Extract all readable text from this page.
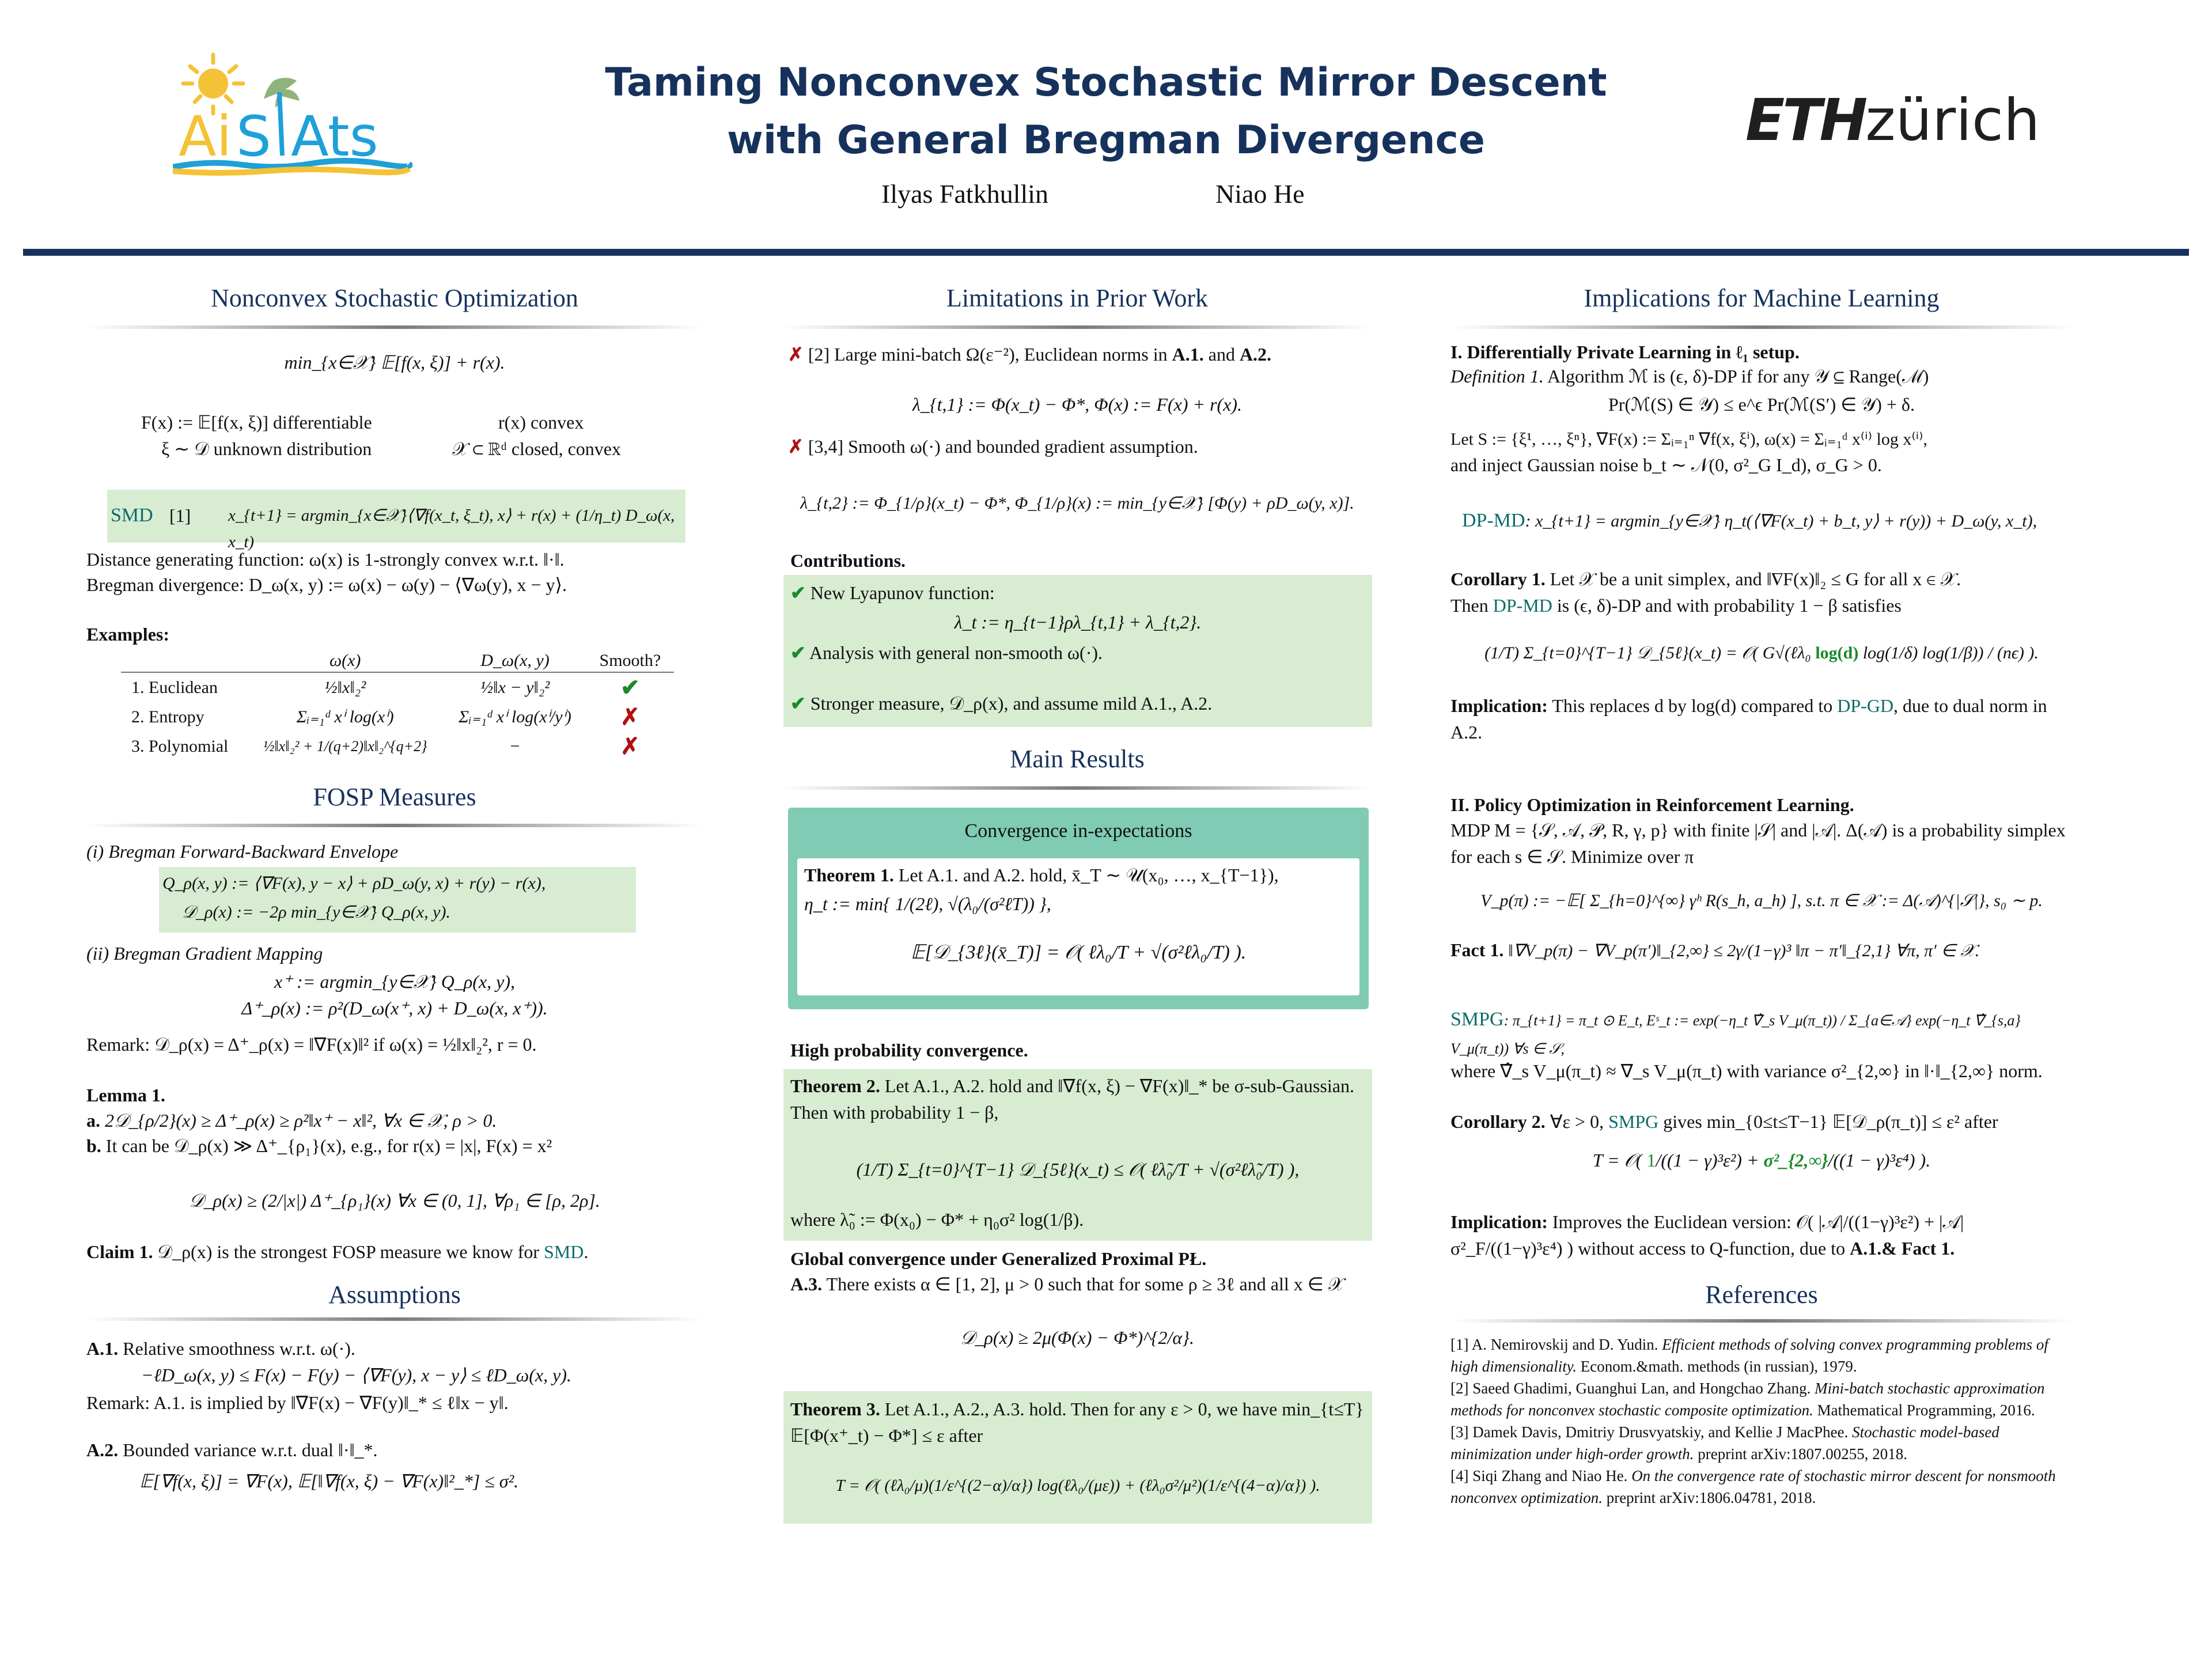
Ai S Ats
Taming Nonconvex Stochastic Mirror Descent
with General Bregman Divergence
Ilyas Fatkhullin	Niao He
ETHzürich
Nonconvex Stochastic Optimization
min_{x∈𝒳} 𝔼[f(x, ξ)] + r(x).
F(x) := 𝔼[f(x, ξ)] differentiable	r(x) convex
ξ ∼ 𝒟 unknown distribution	𝒳 ⊂ ℝᵈ closed, convex
SMD [1] x_{t+1} = argmin_{x∈𝒳}⟨∇f(x_t, ξ_t), x⟩ + r(x) + (1/η_t) D_ω(x, x_t)
Distance generating function: ω(x) is 1-strongly convex w.r.t. ‖·‖.
Bregman divergence: D_ω(x, y) := ω(x) − ω(y) − ⟨∇ω(y), x − y⟩.
Examples:
	ω(x)	D_ω(x, y)	Smooth?
1. Euclidean	½‖x‖₂²	½‖x − y‖₂²	✔
2. Entropy	Σᵢ₌₁ᵈ xⁱ log(xⁱ)	Σᵢ₌₁ᵈ xⁱ log(xⁱ/yⁱ)	✗
3. Polynomial	½‖x‖₂² + 1/(q+2)‖x‖₂^{q+2}	−	✗
FOSP Measures
(i) Bregman Forward-Backward Envelope
Q_ρ(x, y) := ⟨∇F(x), y − x⟩ + ρD_ω(y, x) + r(y) − r(x),
𝒟_ρ(x) := −2ρ min_{y∈𝒳} Q_ρ(x, y).
(ii) Bregman Gradient Mapping
x⁺ := argmin_{y∈𝒳} Q_ρ(x, y),
Δ⁺_ρ(x) := ρ²(D_ω(x⁺, x) + D_ω(x, x⁺)).
Remark: 𝒟_ρ(x) = Δ⁺_ρ(x) = ‖∇F(x)‖² if ω(x) = ½‖x‖₂², r = 0.
Lemma 1.
a. 2𝒟_{ρ/2}(x) ≥ Δ⁺_ρ(x) ≥ ρ²‖x⁺ − x‖², ∀x ∈ 𝒳, ρ > 0.
b. It can be 𝒟_ρ(x) ≫ Δ⁺_{ρ₁}(x), e.g., for r(x) = |x|, F(x) = x²
𝒟_ρ(x) ≥ (2/|x|) Δ⁺_{ρ₁}(x) ∀x ∈ (0, 1], ∀ρ₁ ∈ [ρ, 2ρ].
Claim 1. 𝒟_ρ(x) is the strongest FOSP measure we know for SMD.
Assumptions
A.1. Relative smoothness w.r.t. ω(·).
−ℓD_ω(x, y) ≤ F(x) − F(y) − ⟨∇F(y), x − y⟩ ≤ ℓD_ω(x, y).
Remark: A.1. is implied by ‖∇F(x) − ∇F(y)‖_* ≤ ℓ‖x − y‖.
A.2. Bounded variance w.r.t. dual ‖·‖_*.
𝔼[∇f(x, ξ)] = ∇F(x), 𝔼[‖∇f(x, ξ) − ∇F(x)‖²_*] ≤ σ².
Limitations in Prior Work
✗ [2] Large mini-batch Ω(ε⁻²), Euclidean norms in A.1. and A.2.
λ_{t,1} := Φ(x_t) − Φ*, Φ(x) := F(x) + r(x).
✗ [3,4] Smooth ω(·) and bounded gradient assumption.
λ_{t,2} := Φ_{1/ρ}(x_t) − Φ*, Φ_{1/ρ}(x) := min_{y∈𝒳} [Φ(y) + ρD_ω(y, x)].
Contributions.
✔ New Lyapunov function:
λ_t := η_{t−1}ρλ_{t,1} + λ_{t,2}.
✔ Analysis with general non-smooth ω(·).
✔ Stronger measure, 𝒟_ρ(x), and assume mild A.1., A.2.
Main Results
Convergence in-expectations
Theorem 1. Let A.1. and A.2. hold, x̄_T ∼ 𝒰(x₀, …, x_{T−1}),
η_t := min{ 1/(2ℓ), √(λ₀/(σ²ℓT)) },
𝔼[𝒟_{3ℓ}(x̄_T)] = 𝒪( ℓλ₀/T + √(σ²ℓλ₀/T) ).
High probability convergence.
Theorem 2. Let A.1., A.2. hold and ‖∇f(x, ξ) − ∇F(x)‖_* be σ-sub-Gaussian. Then with probability 1 − β,
(1/T) Σ_{t=0}^{T−1} 𝒟_{5ℓ}(x_t) ≤ 𝒪( ℓλ̃₀/T + √(σ²ℓλ̃₀/T) ),
where λ̃₀ := Φ(x₀) − Φ* + η₀σ² log(1/β).
Global convergence under Generalized Proximal PŁ.
A.3. There exists α ∈ [1, 2], μ > 0 such that for some ρ ≥ 3ℓ and all x ∈ 𝒳
𝒟_ρ(x) ≥ 2μ(Φ(x) − Φ*)^{2/α}.
Theorem 3. Let A.1., A.2., A.3. hold. Then for any ε > 0, we have min_{t≤T} 𝔼[Φ(x⁺_t) − Φ*] ≤ ε after
T = 𝒪( (ℓλ₀/μ)(1/ε^{(2−α)/α}) log(ℓλ₀/(με)) + (ℓλ₀σ²/μ²)(1/ε^{(4−α)/α}) ).
Implications for Machine Learning
I. Differentially Private Learning in ℓ₁ setup.
Definition 1. Algorithm ℳ is (ϵ, δ)-DP if for any 𝒴 ⊆ Range(ℳ)
Pr(ℳ(S) ∈ 𝒴) ≤ e^ϵ Pr(ℳ(S′) ∈ 𝒴) + δ.
Let S := {ξ¹, …, ξⁿ}, ∇F(x) := Σᵢ₌₁ⁿ ∇f(x, ξⁱ), ω(x) = Σᵢ₌₁ᵈ x⁽ⁱ⁾ log x⁽ⁱ⁾,
and inject Gaussian noise b_t ∼ 𝒩(0, σ²_G I_d), σ_G > 0.
DP-MD: x_{t+1} = argmin_{y∈𝒳} η_t(⟨∇F(x_t) + b_t, y⟩ + r(y)) + D_ω(y, x_t),
Corollary 1. Let 𝒳 be a unit simplex, and ‖∇F(x)‖₂ ≤ G for all x ∈ 𝒳.
Then DP-MD is (ϵ, δ)-DP and with probability 1 − β satisfies
(1/T) Σ_{t=0}^{T−1} 𝒟_{5ℓ}(x_t) = 𝒪( G√(ℓλ₀ log(d) log(1/δ) log(1/β)) / (nϵ) ).
Implication: This replaces d by log(d) compared to DP-GD, due to dual norm in A.2.
II. Policy Optimization in Reinforcement Learning.
MDP M = {𝒮, 𝒜, 𝒫, R, γ, p} with finite |𝒮| and |𝒜|. Δ(𝒜) is a probability simplex for each s ∈ 𝒮. Minimize over π
V_p(π) := −𝔼[ Σ_{h=0}^{∞} γʰ R(s_h, a_h) ], s.t. π ∈ 𝒳 := Δ(𝒜)^{|𝒮|}, s₀ ∼ p.
Fact 1. ‖∇V_p(π) − ∇V_p(π′)‖_{2,∞} ≤ 2γ/(1−γ)³ ‖π − π′‖_{2,1} ∀π, π′ ∈ 𝒳.
SMPG: π_{t+1} = π_t ⊙ E_t, Eˢ_t := exp(−η_t ∇̂_s V_μ(π_t)) / Σ_{a∈𝒜} exp(−η_t ∇̂_{s,a} V_μ(π_t)) ∀s ∈ 𝒮,
where ∇̂_s V_μ(π_t) ≈ ∇_s V_μ(π_t) with variance σ²_{2,∞} in ‖·‖_{2,∞} norm.
Corollary 2. ∀ε > 0, SMPG gives min_{0≤t≤T−1} 𝔼[𝒟_ρ(π_t)] ≤ ε² after
T = 𝒪( 1/((1 − γ)³ε²) + σ²_{2,∞}/((1 − γ)³ε⁴) ).
Implication: Improves the Euclidean version: 𝒪( |𝒜|/((1−γ)³ε²) + |𝒜|σ²_F/((1−γ)³ε⁴) ) without access to Q-function, due to A.1.& Fact 1.
References
[1] A. Nemirovskij and D. Yudin. Efficient methods of solving convex programming problems of high dimensionality. Econom.&math. methods (in russian), 1979.
[2] Saeed Ghadimi, Guanghui Lan, and Hongchao Zhang. Mini-batch stochastic approximation methods for nonconvex stochastic composite optimization. Mathematical Programming, 2016.
[3] Damek Davis, Dmitriy Drusvyatskiy, and Kellie J MacPhee. Stochastic model-based minimization under high-order growth. preprint arXiv:1807.00255, 2018.
[4] Siqi Zhang and Niao He. On the convergence rate of stochastic mirror descent for nonsmooth nonconvex optimization. preprint arXiv:1806.04781, 2018.
